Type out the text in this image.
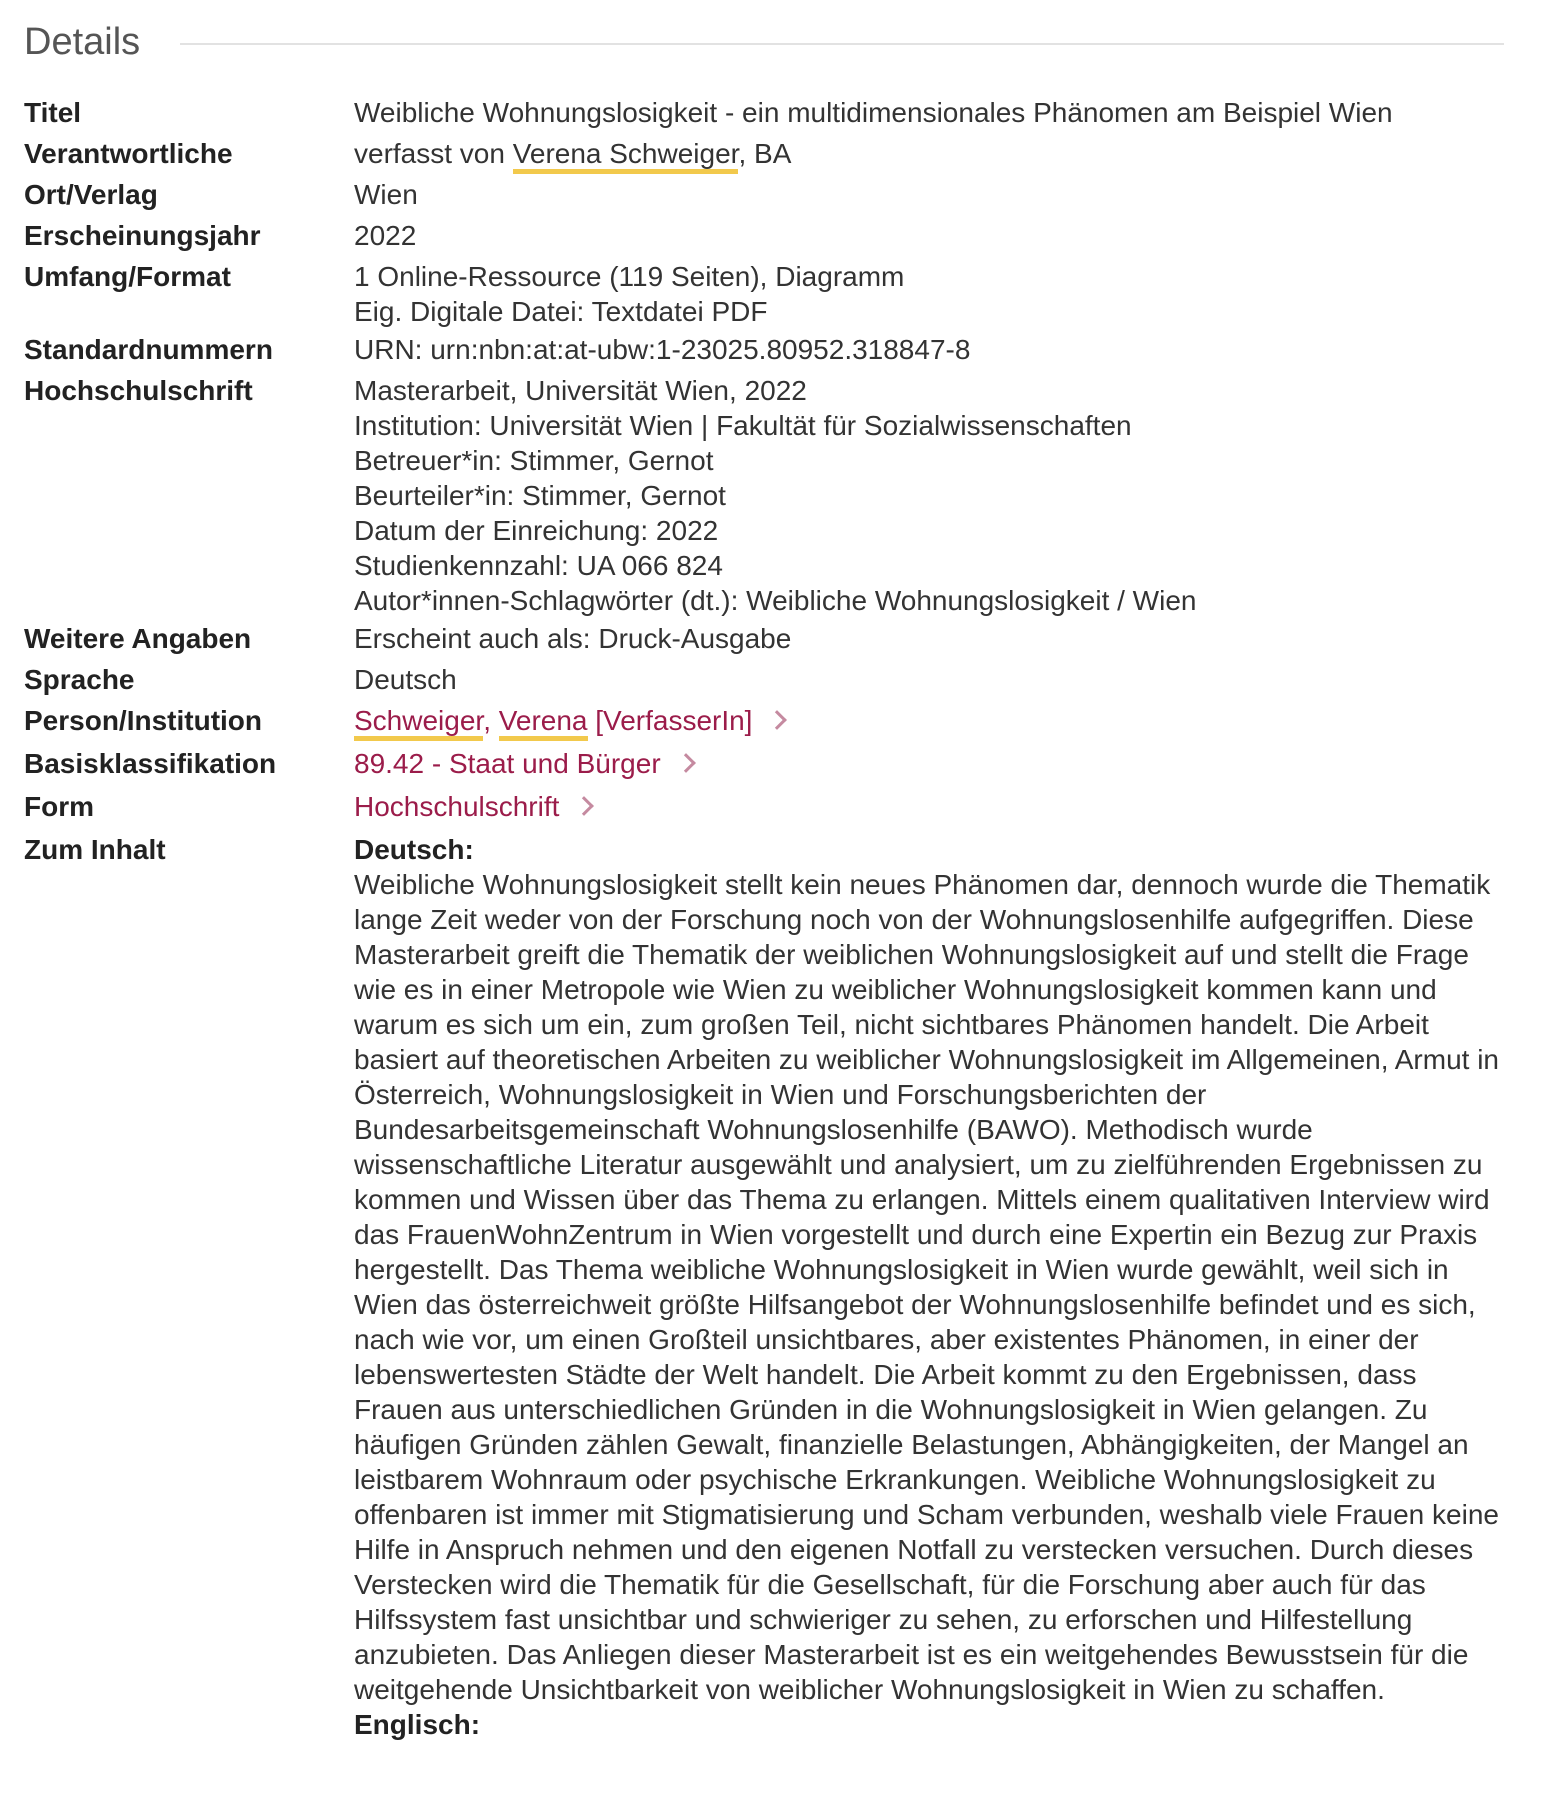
Details
Titel	Weibliche Wohnungslosigkeit - ein multidimensionales Phänomen am Beispiel Wien
Verantwortliche	verfasst von Verena Schweiger, BA
Ort/Verlag	Wien
Erscheinungsjahr	2022
Umfang/Format	1 Online-Ressource (119 Seiten), Diagramm
Eig. Digitale Datei: Textdatei PDF
Standardnummern	URN: urn:nbn:at:at-ubw:1-23025.80952.318847-8
Hochschulschrift	Masterarbeit, Universität Wien, 2022
Institution: Universität Wien | Fakultät für Sozialwissenschaften
Betreuer*in: Stimmer, Gernot
Beurteiler*in: Stimmer, Gernot
Datum der Einreichung: 2022
Studienkennzahl: UA 066 824
Autor*innen-Schlagwörter (dt.): Weibliche Wohnungslosigkeit / Wien
Weitere Angaben	Erscheint auch als: Druck-Ausgabe
Sprache	Deutsch
Person/Institution	Schweiger, Verena [VerfasserIn]
Basisklassifikation	89.42 - Staat und Bürger
Form	Hochschulschrift
Zum Inhalt	Deutsch:

Weibliche Wohnungslosigkeit stellt kein neues Phänomen dar, dennoch wurde die Thematik lange Zeit weder von der Forschung noch von der Wohnungslosenhilfe aufgegriffen. Diese Masterarbeit greift die Thematik der weiblichen Wohnungslosigkeit auf und stellt die Frage wie es in einer Metropole wie Wien zu weiblicher Wohnungslosigkeit kommen kann und warum es sich um ein, zum großen Teil, nicht sichtbares Phänomen handelt. Die Arbeit basiert auf theoretischen Arbeiten zu weiblicher Wohnungslosigkeit im Allgemeinen, Armut in Österreich, Wohnungslosigkeit in Wien und Forschungsberichten der Bundesarbeitsgemeinschaft Wohnungslosenhilfe (BAWO). Methodisch wurde wissenschaftliche Literatur ausgewählt und analysiert, um zu zielführenden Ergebnissen zu kommen und Wissen über das Thema zu erlangen. Mittels einem qualitativen Interview wird das FrauenWohnZentrum in Wien vorgestellt und durch eine Expertin ein Bezug zur Praxis hergestellt. Das Thema weibliche Wohnungslosigkeit in Wien wurde gewählt, weil sich in Wien das österreichweit größte Hilfsangebot der Wohnungslosenhilfe befindet und es sich, nach wie vor, um einen Großteil unsichtbares, aber existentes Phänomen, in einer der lebenswertesten Städte der Welt handelt. Die Arbeit kommt zu den Ergebnissen, dass Frauen aus unterschiedlichen Gründen in die Wohnungslosigkeit in Wien gelangen. Zu häufigen Gründen zählen Gewalt, finanzielle Belastungen, Abhängigkeiten, der Mangel an leistbarem Wohnraum oder psychische Erkrankungen. Weibliche Wohnungslosigkeit zu offenbaren ist immer mit Stigmatisierung und Scham verbunden, weshalb viele Frauen keine Hilfe in Anspruch nehmen und den eigenen Notfall zu verstecken versuchen. Durch dieses Verstecken wird die Thematik für die Gesellschaft, für die Forschung aber auch für das Hilfssystem fast unsichtbar und schwieriger zu sehen, zu erforschen und Hilfestellung anzubieten. Das Anliegen dieser Masterarbeit ist es ein weitgehendes Bewusstsein für die weitgehende Unsichtbarkeit von weiblicher Wohnungslosigkeit in Wien zu schaffen.

Englisch:
